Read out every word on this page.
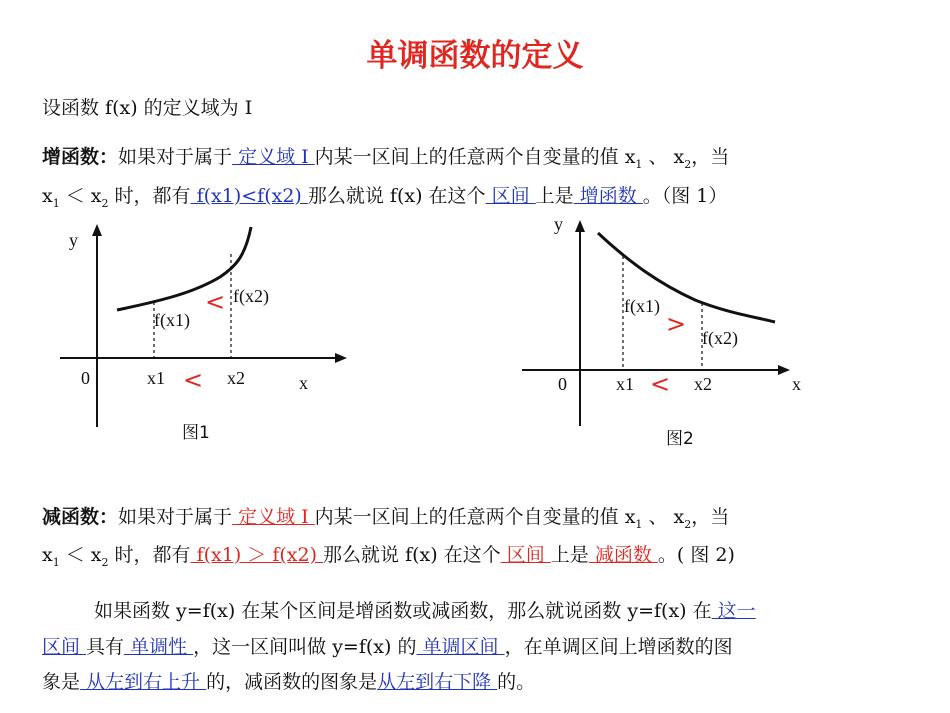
单调函数的定义
设函数 f(x) 的定义域为 I
增函数：如果对于属于 定义域 I 内某一区间上的任意两个自变量的值 $x_1$ 、 $x_2$，当
$x_1 < x_2$ 时，都有 f(x1)<f(x2) 那么就说 f(x) 在这个 区间 上是 增函数 。（图 1）
y
0	x
x1	x2
f(x1)
f(x2)
<
<
图1
y
0	x
x1	x2
f(x1)
f(x2)
>
<
图2
减函数：如果对于属于 定义域 I 内某一区间上的任意两个自变量的值 $x_1$ 、 $x_2$，当
$x_1 < x_2$ 时，都有 f(x1) ＞ f(x2) 那么就说 f(x) 在这个 区间 上是 减函数 。( 图 2)
如果函数 y=f(x) 在某个区间是增函数或减函数，那么就说函数 y=f(x) 在 这一
区间 具有 单调性 ，这一区间叫做 y=f(x) 的 单调区间 ，在单调区间上增函数的图
象是 从左到右上升 的，减函数的图象是从左到右下降 的。
